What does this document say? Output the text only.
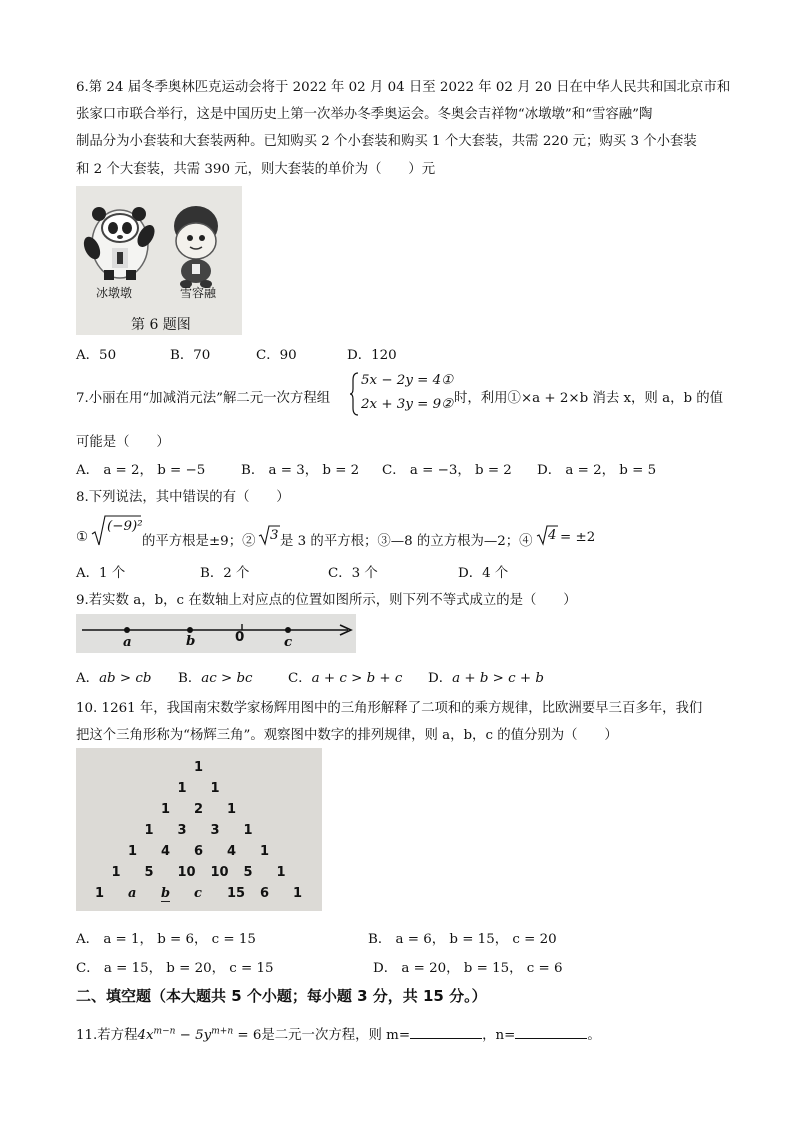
6.第 24 届冬季奥林匹克运动会将于 2022 年 02 月 04 日至 2022 年 02 月 20 日在中华人民共和国北京市和
张家口市联合举行，这是中国历史上第一次举办冬季奥运会。冬奥会吉祥物“冰墩墩”和“雪容融”陶
制品分为小套装和大套装两种。已知购买 2 个小套装和购买 1 个大套装，共需 220 元；购买 3 个小套装
和 2 个大套装，共需 390 元，则大套装的单价为（　　）元
冰墩墩	雪容融
第 6 题图
A．50	B．70	C．90	D．120
7.小丽在用“加减消元法”解二元一次方程组
5x − 2y = 4①
2x + 3y = 9② 时，利用①×a + 2×b 消去 x，则 a，b 的值
可能是（　　）
A． a = 2， b = −5	B． a = 3， b = 2 C． a = −3， b = 2 D． a = 2， b = 5
8.下列说法，其中错误的有（　　）
①
(−9)²
的平方根是±9；② 3 是 3 的平方根；③—8 的立方根为—2；④ 4 = ±2
A．1 个	B．2 个	C．3 个	D．4 个
9.若实数 a，b，c 在数轴上对应点的位置如图所示，则下列不等式成立的是（　　）
a	b	0	c
A．ab > cb B．ac > bc	C．a + c > b + c D．a + b > c + b
10. 1261 年，我国南宋数学家杨辉用图中的三角形解释了二项和的乘方规律，比欧洲要早三百多年，我们
把这个三角形称为“杨辉三角”。观察图中数字的排列规律，则 a，b，c 的值分别为（　　）
1
1 1
1 2 1
1 3 3 1
1 4 6 4 1
1 5 10 10 5 1
1 a b c 15 6 1
A． a = 1， b = 6， c = 15	B． a = 6， b = 15， c = 20
C． a = 15， b = 20， c = 15	D． a = 20， b = 15， c = 6
二、填空题（本大题共 5 个小题；每小题 3 分，共 15 分。）
11.若方程$4x^{m-n} - 5y^{m+n} = 6$是二元一次方程，则 m=	，n=	。
